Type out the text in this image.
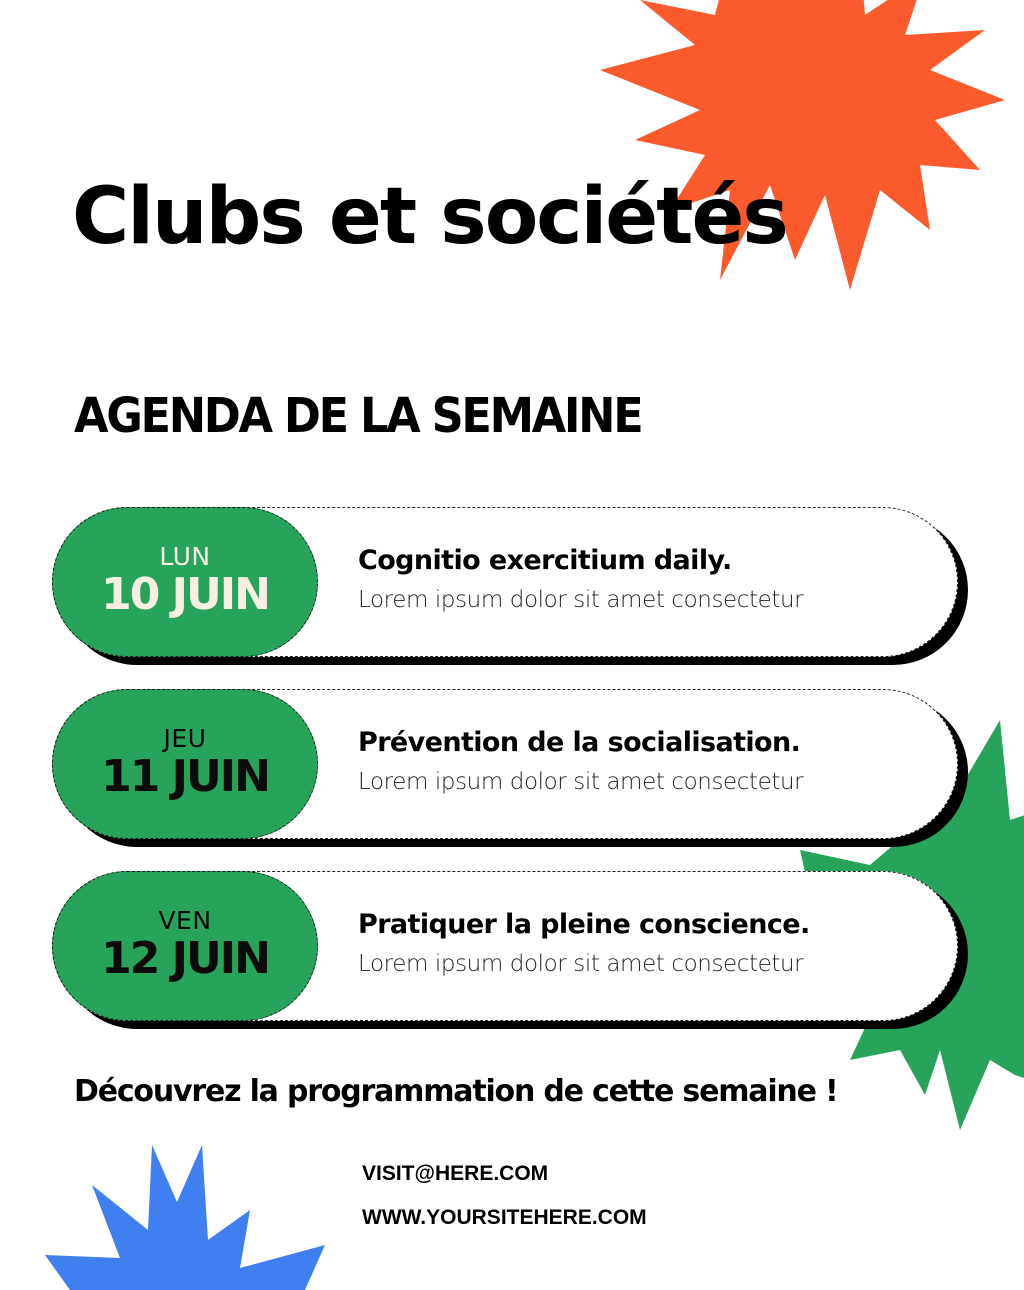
Clubs et sociétés
AGENDA DE LA SEMAINE
LUN
10 JUIN
Cognitio exercitium daily.
Lorem ipsum dolor sit amet consectetur
JEU
11 JUIN
Prévention de la socialisation.
Lorem ipsum dolor sit amet consectetur
VEN
12 JUIN
Pratiquer la pleine conscience.
Lorem ipsum dolor sit amet consectetur
Découvrez la programmation de cette semaine !
VISIT@HERE.COM
WWW.YOURSITEHERE.COM
